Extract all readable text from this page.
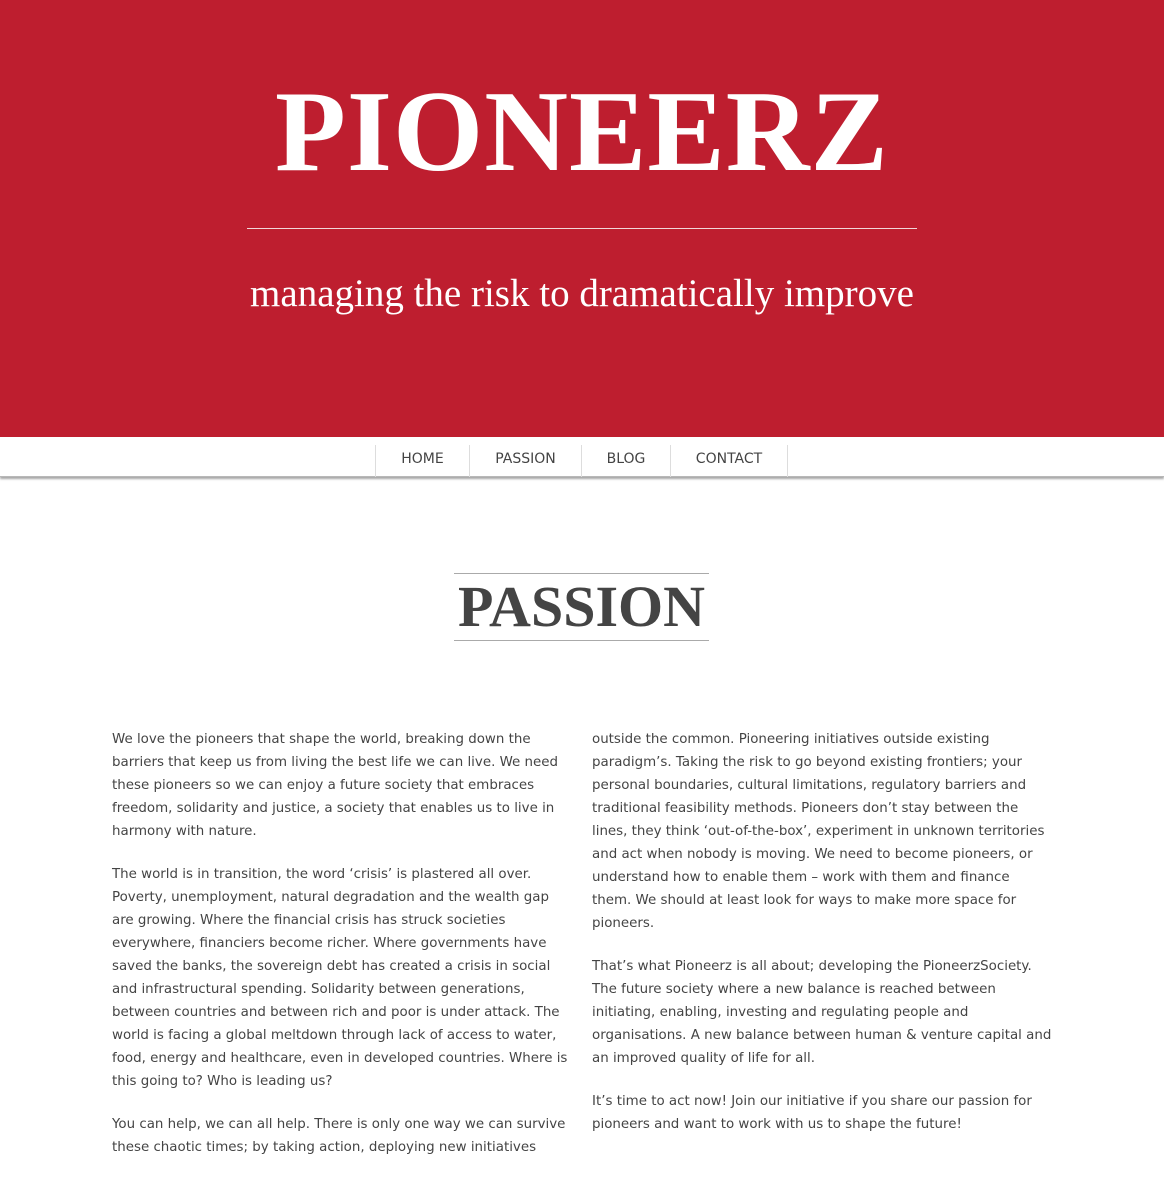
PIONEERZ
managing the risk to dramatically improve
HOME	PASSION	BLOG	CONTACT
PASSION

We love the pioneers that shape the world, breaking down the barriers that keep us from living the best life we can live. We need these pioneers so we can enjoy a future society that embraces freedom, solidarity and justice, a society that enables us to live in harmony with nature.

The world is in transition, the word ‘crisis’ is plastered all over. Poverty, unemployment, natural degradation and the wealth gap are growing. Where the financial crisis has struck societies everywhere, financiers become richer. Where governments have saved the banks, the sovereign debt has created a crisis in social and infrastructural spending. Solidarity between generations, between countries and between rich and poor is under attack. The world is facing a global meltdown through lack of access to water, food, energy and healthcare, even in developed countries. Where is this going to? Who is leading us?

You can help, we can all help. There is only one way we can survive these chaotic times; by taking action, deploying new initiatives

outside the common. Pioneering initiatives outside existing paradigm’s. Taking the risk to go beyond existing frontiers; your personal boundaries, cultural limitations, regulatory barriers and traditional feasibility methods. Pioneers don’t stay between the lines, they think ‘out-of-the-box’, experiment in unknown territories and act when nobody is moving. We need to become pioneers, or understand how to enable them – work with them and finance them. We should at least look for ways to make more space for pioneers.

That’s what Pioneerz is all about; developing the PioneerzSociety. The future society where a new balance is reached between initiating, enabling, investing and regulating people and organisations. A new balance between human & venture capital and an improved quality of life for all.

It’s time to act now! Join our initiative if you share our passion for pioneers and want to work with us to shape the future!
